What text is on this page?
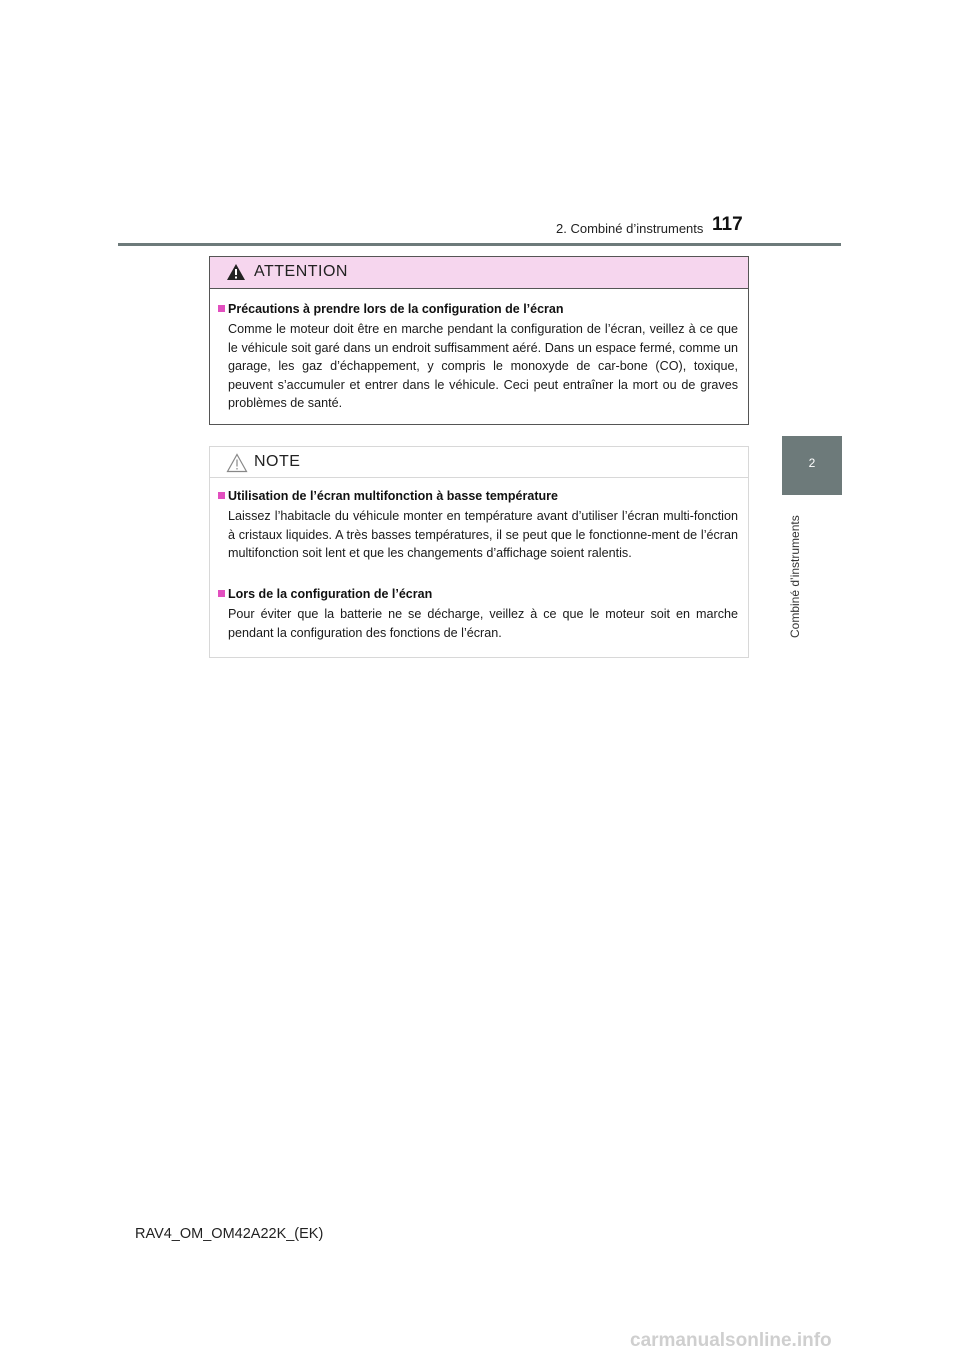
2. Combiné d’instruments 117
2
Combiné d’instruments
ATTENTION
Précautions à prendre lors de la configuration de l’écran
Comme le moteur doit être en marche pendant la configuration de l’écran, veillez à ce que le véhicule soit garé dans un endroit suffisamment aéré. Dans un espace fermé, comme un garage, les gaz d’échappement, y compris le monoxyde de car-bone (CO), toxique, peuvent s’accumuler et entrer dans le véhicule. Ceci peut entraîner la mort ou de graves problèmes de santé.
NOTE
Utilisation de l’écran multifonction à basse température
Laissez l’habitacle du véhicule monter en température avant d’utiliser l’écran multi-fonction à cristaux liquides. A très basses températures, il se peut que le fonctionne-ment de l’écran multifonction soit lent et que les changements d’affichage soient ralentis.
Lors de la configuration de l’écran
Pour éviter que la batterie ne se décharge, veillez à ce que le moteur soit en marche pendant la configuration des fonctions de l’écran.
RAV4_OM_OM42A22K_(EK)
carmanualsonline.info
